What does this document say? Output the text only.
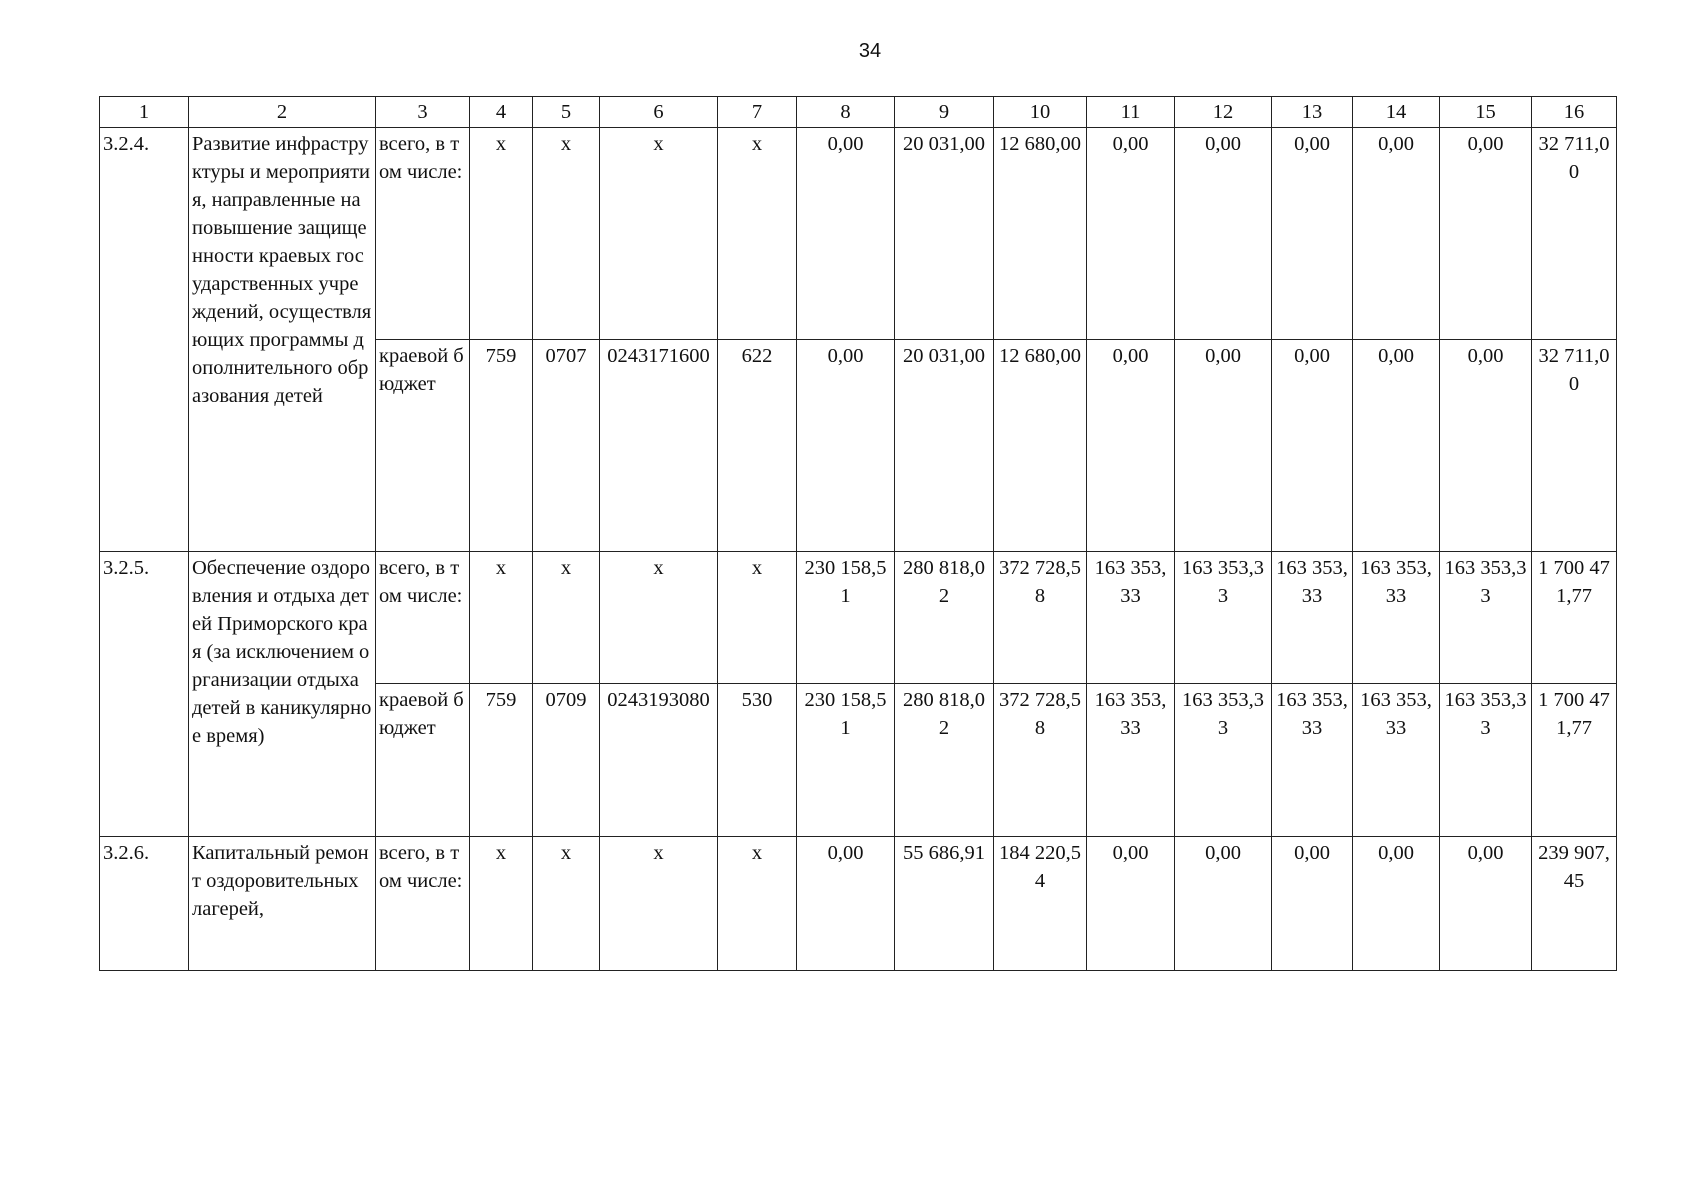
34
1	2	3	4	5	6	7	8	9	10	11	12	13	14	15	16
3.2.4.	Развитие инфраструктуры и мероприятия, направленные на повышение защищенности краевых государственных учреждений, осуществляющих программы дополнительного образования детей	всего, в том числе:	х	х	х	х	0,00	20 031,00	12 680,00	0,00	0,00	0,00	0,00	0,00	32 711,00
		краевой бюджет	759	0707	0243171600	622	0,00	20 031,00	12 680,00	0,00	0,00	0,00	0,00	0,00	32 711,00
3.2.5.	Обеспечение оздоровления и отдыха детей Приморского края (за исключением организации отдыха детей в каникулярное время)	всего, в том числе:	х	х	х	х	230 158,51	280 818,02	372 728,58	163 353,33	163 353,33	163 353,33	163 353,33	163 353,33	1 700 471,77
		краевой бюджет	759	0709	0243193080	530	230 158,51	280 818,02	372 728,58	163 353,33	163 353,33	163 353,33	163 353,33	163 353,33	1 700 471,77
3.2.6.	Капитальный ремонт оздоровительных лагерей,	всего, в том числе:	х	х	х	х	0,00	55 686,91	184 220,54	0,00	0,00	0,00	0,00	0,00	239 907,45
